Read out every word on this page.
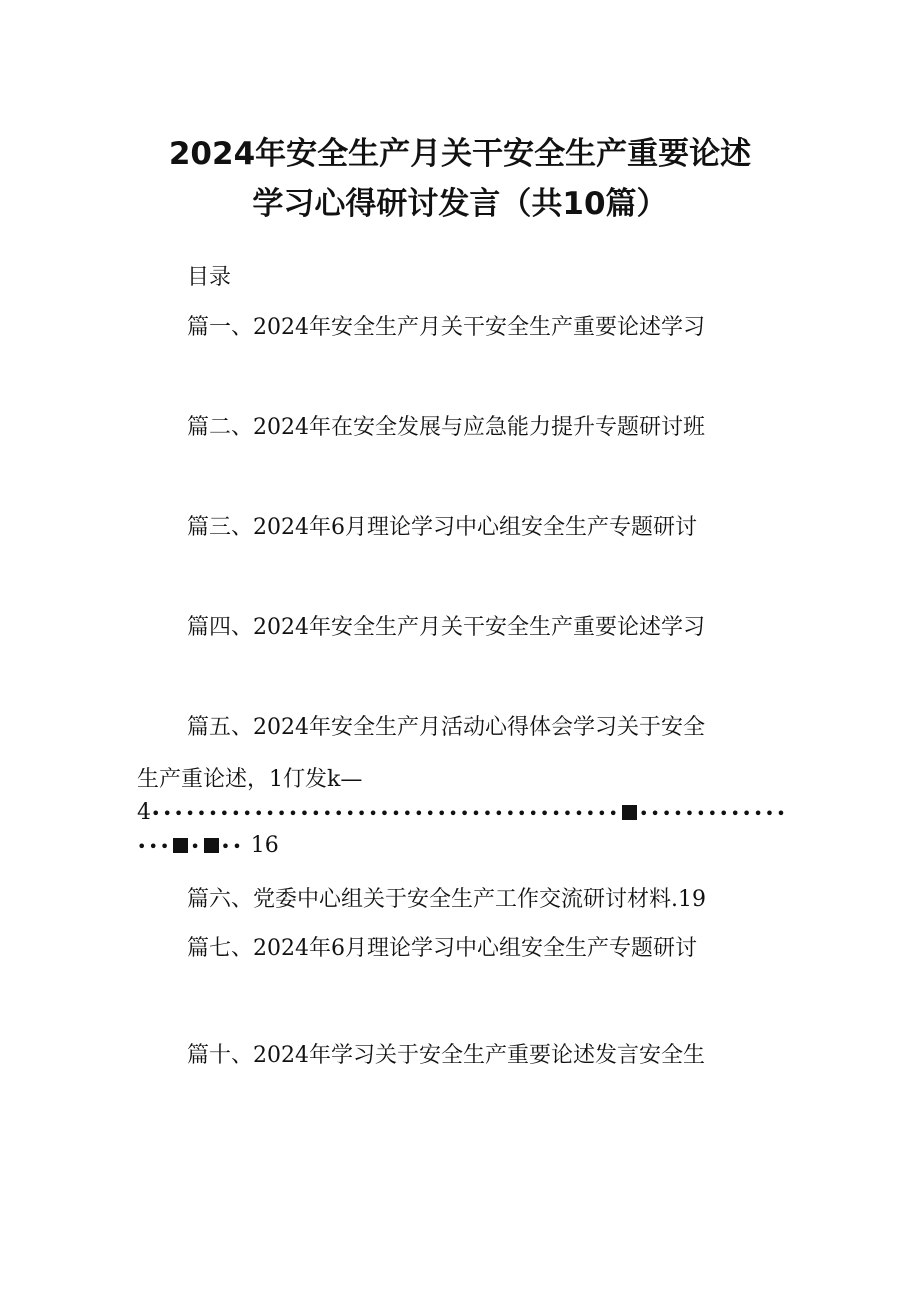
2024年安全生产月关干安全生产重要论述
学习心得研讨发言（共10篇）
目录
篇一、2024年安全生产月关干安全生产重要论述学习
篇二、2024年在安全发展与应急能力提升专题研讨班
篇三、2024年6月理论学习中心组安全生产专题研讨
篇四、2024年安全生产月关干安全生产重要论述学习
篇五、2024年安全生产月活动心得体会学习关于安全
生产重论述，1仃发k—
4••••••••••••••••••••••••••••••••••••••••• •••••••••••••
••• • •• 16
篇六、党委中心组关于安全生产工作交流研讨材料.19
篇七、2024年6月理论学习中心组安全生产专题研讨
篇十、2024年学习关于安全生产重要论述发言安全生
